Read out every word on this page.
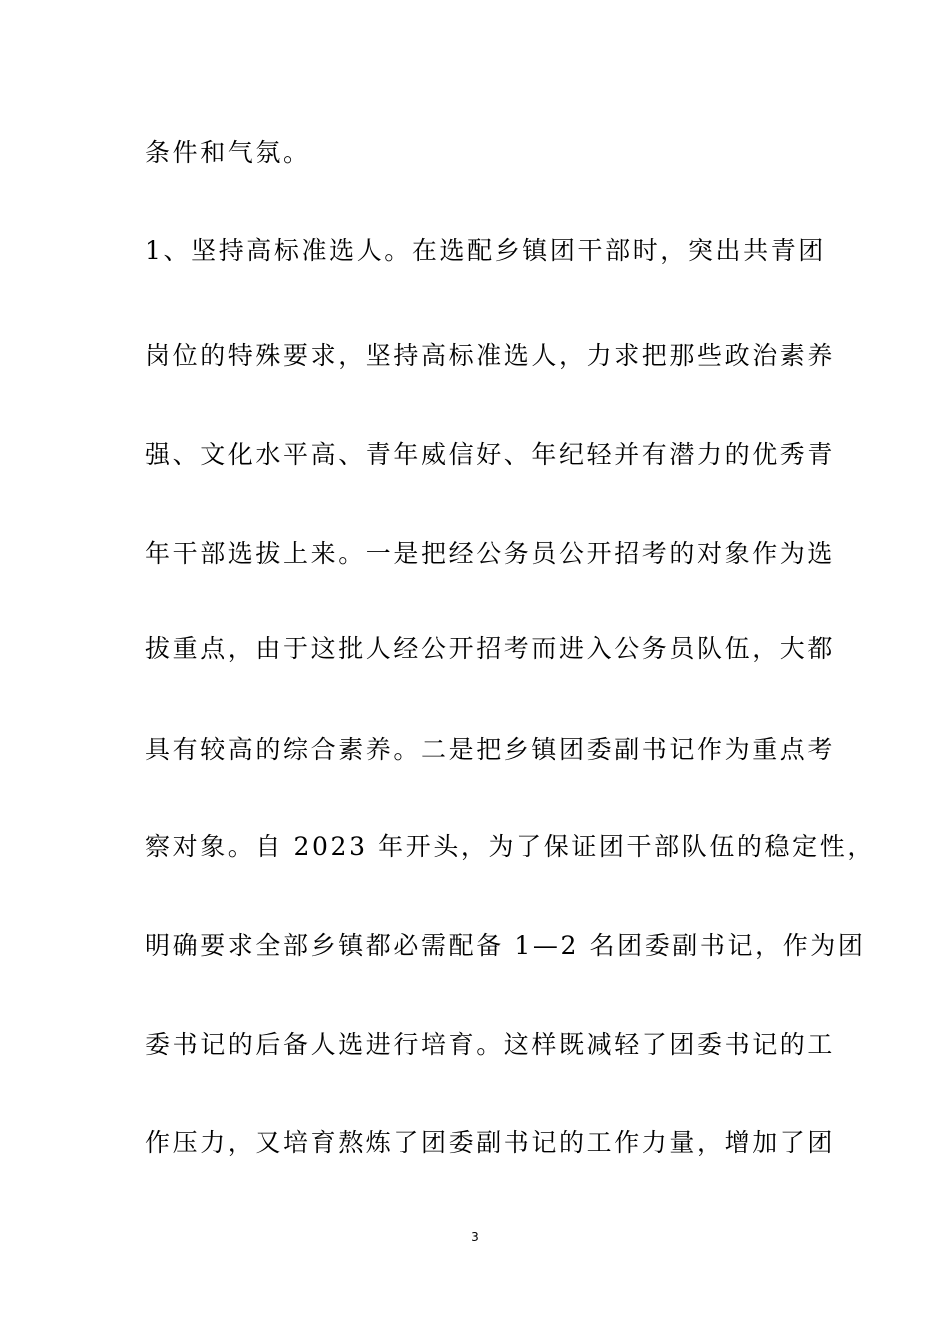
条件和气氛。
1、坚持高标准选人。在选配乡镇团干部时，突出共青团
岗位的特殊要求，坚持高标准选人，力求把那些政治素养
强、文化水平高、青年威信好、年纪轻并有潜力的优秀青
年干部选拔上来。一是把经公务员公开招考的对象作为选
拔重点，由于这批人经公开招考而进入公务员队伍，大都
具有较高的综合素养。二是把乡镇团委副书记作为重点考
察对象。自 2023 年开头，为了保证团干部队伍的稳定性，
明确要求全部乡镇都必需配备 1—2 名团委副书记，作为团
委书记的后备人选进行培育。这样既减轻了团委书记的工
作压力，又培育熬炼了团委副书记的工作力量，增加了团
3
